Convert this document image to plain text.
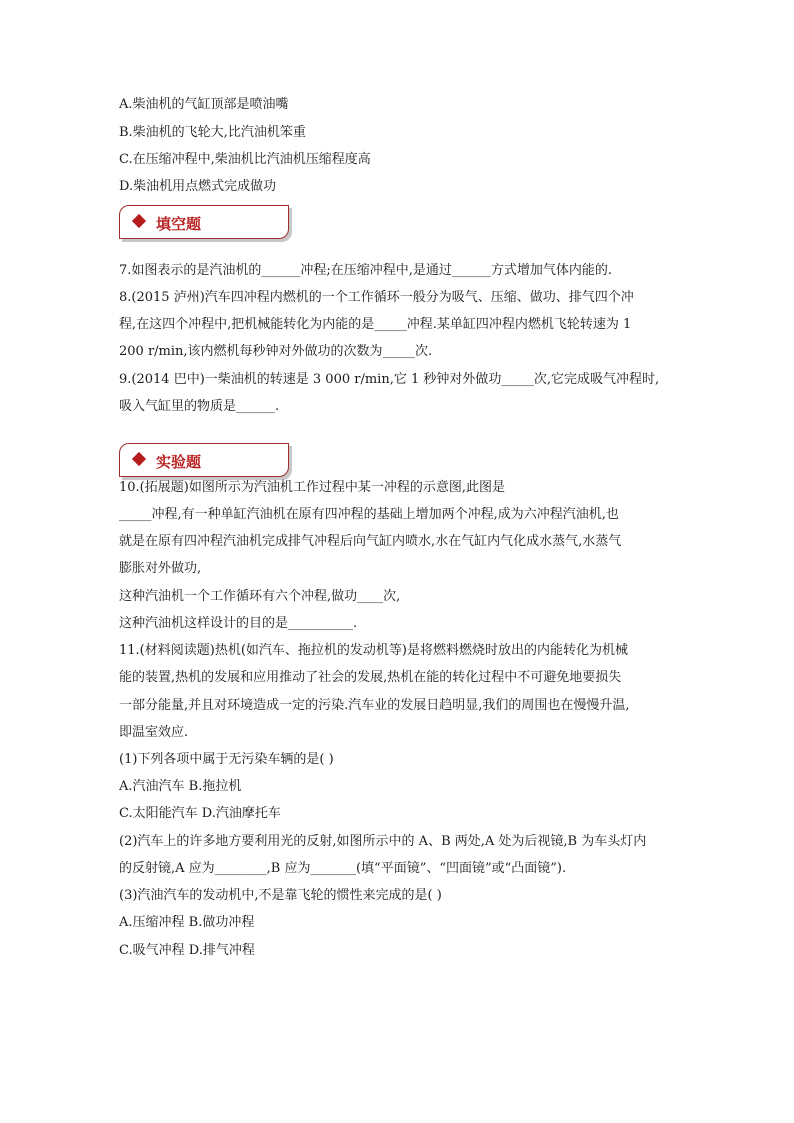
A.柴油机的气缸顶部是喷油嘴
B.柴油机的飞轮大,比汽油机笨重
C.在压缩冲程中,柴油机比汽油机压缩程度高
D.柴油机用点燃式完成做功
填空题
7.如图表示的是汽油机的______冲程;在压缩冲程中,是通过______方式增加气体内能的.
8.(2015 泸州)汽车四冲程内燃机的一个工作循环一般分为吸气、压缩、做功、排气四个冲
程,在这四个冲程中,把机械能转化为内能的是_____冲程.某单缸四冲程内燃机飞轮转速为 1
200 r/min,该内燃机每秒钟对外做功的次数为_____次.
9.(2014 巴中)一柴油机的转速是 3 000 r/min,它 1 秒钟对外做功_____次,它完成吸气冲程时,
吸入气缸里的物质是______.
实验题
10.(拓展题)如图所示为汽油机工作过程中某一冲程的示意图,此图是
_____冲程,有一种单缸汽油机在原有四冲程的基础上增加两个冲程,成为六冲程汽油机,也
就是在原有四冲程汽油机完成排气冲程后向气缸内喷水,水在气缸内气化成水蒸气,水蒸气
膨胀对外做功,
这种汽油机一个工作循环有六个冲程,做功____次,
这种汽油机这样设计的目的是__________.
11.(材料阅读题)热机(如汽车、拖拉机的发动机等)是将燃料燃烧时放出的内能转化为机械
能的装置,热机的发展和应用推动了社会的发展,热机在能的转化过程中不可避免地要损失
一部分能量,并且对环境造成一定的污染.汽车业的发展日趋明显,我们的周围也在慢慢升温,
即温室效应.
(1)下列各项中属于无污染车辆的是( )
A.汽油汽车 B.拖拉机
C.太阳能汽车 D.汽油摩托车
(2)汽车上的许多地方要利用光的反射,如图所示中的 A、B 两处,A 处为后视镜,B 为车头灯内
的反射镜,A 应为________,B 应为_______(填“平面镜”、“凹面镜”或“凸面镜”).
(3)汽油汽车的发动机中,不是靠飞轮的惯性来完成的是( )
A.压缩冲程 B.做功冲程
C.吸气冲程 D.排气冲程
